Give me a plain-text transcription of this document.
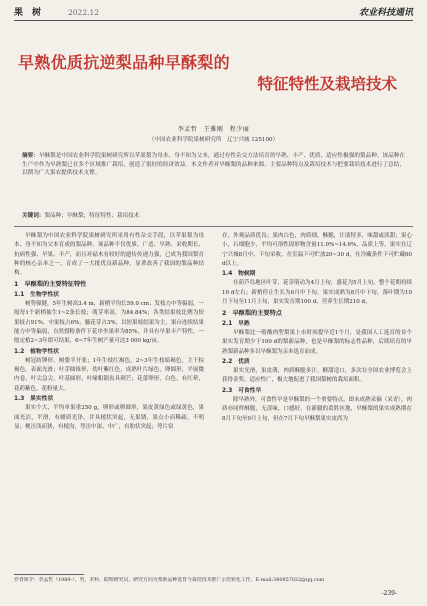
果　树	2022.12	农业科技通讯
早熟优质抗逆梨品种早酥梨的
特征特性及栽培技术
李孟哲　王雅刚　程少丽
（中国农业科学院果树研究所　辽宁兴城 125100）
摘要：早酥梨是中国农业科学院果树研究所以苹果梨为母本、身不知为父本，通过有性杂交方法培育的早熟、丰产、优质、适应性极强的梨品种。该品种在生产中作为早熟梨已在多个区域推广栽培，创造了很好的经济效益。本文作者对早酥梨的品种来源、主要品种特点及栽培技术与把要栽培技术进行了总结，以期为广大果农提供技术支撑。
关键词：梨品种；早酥梨；特征特性；栽培技术

早酥梨为中国农业科学院果树研究所采用有性杂交手段，以苹果梨为母本、身不知为父本育成的梨品种。该品种不仅优质、广适、早熟、采收期长、抗病性强、早果、丰产，而且对砧木有较好的遗传传递力强，已成为我国梨育种的核心亲本之一，育成了一大批优良新品种，显著改善了我国的梨品种结构。

1　早酥梨的主要特征特性
1.1　生物学性状

树势强健，5年生树高3.4 m，新梢平均长59.0 cm；发枝力中等偏弱，一般每1个新梢抽生1~2条长枝；萌芽率高，为84.84%；各类结果枝比例为短果枝占91%，中果枝占6%，腋花芽占3%，以短果枝结果为主，果台连续结果能力中等偏弱，自然授粉条件下花序坐果率为85%，并具有早果丰产特性，一般定植2~3年即可结果，6~7年生树产量可达3 000 kg/亩。

1.2　植物学性状

树冠纺锤形，树姿半开张；1年生枝红褐色，2~3年生枝暗褐色，主干棕褐色，表面光滑；叶芽圆锥形，幼叶紫红色，成熟叶片绿色，卵圆形，平展微内卷，叶尖急尖，叶基圆形，叶缘粗锯齿具刺芒；花蕾卵形，白色，有红晕，花药紫色，花粉量大。

1.3　果实性状

果实个大，平均单果重250 g，卵形或卵圆形，果皮黄绿色或绿黄色，果面光洁，平滑，有蜡质光泽，并具棱状突起，无果锈，果点小而稀疏，不明显；梗洼浅而狭，有棱沟，萼洼中深、中广，有肋状突起；萼片宿

存，外观品质优良；果肉白色，肉质细，酥脆，汁液特多，味甜或淡甜；果心小，石细胞少，平均可溶性固形物含量11.0%~14.6%，品质上等。果实在辽宁兴城8月中、下旬采收，在室温下可贮放20~30 d，在冷藏条件下可贮藏60 d以上。

1.4　物候期

在葫芦岛地区叶芽、花芽萌动为4月上旬，盛花为5月上旬，整个花期持续10 d左右；新梢停止生长为6月中下旬，果实成熟为8月中下旬，落叶期为10月下旬至11月上旬，果实发育期100 d，营养生长期210 d。

2　早酥梨的主要特点
2.1　早熟

早酥梨比一般酸肉型梨果上市时间提早近1个月，是我国人工选育的首个果实发育期少于100 d的梨新品种，也是早酥梨的标志性品种，后续培育的早熟梨新品种多以早酥梨为亲本选育而成。

2.2　优质

果实光滑，果皮薄，肉质酥脆多汁，糖甜适口，多次在全国农业博览会上获得金奖。适应性广，极大地促进了我国梨树的栽培面积。

2.3　可食性早

除早熟外，可食性早是早酥梨的一个重要特点，即未成熟采摘（采青），肉质亦同样酥脆，无涩味，口感好。在新疆的葛胜区地，早酥梨的果实成熟期在8月下旬至9月上旬，但在7月下旬早酥梨果实皮尚为

作者简介：李孟哲（1989-），男，本科，助理研究员，研究方向为梨新品种选育与栽培技术推广示范转化工作。E-mail:380857022@qq.com
-239-
